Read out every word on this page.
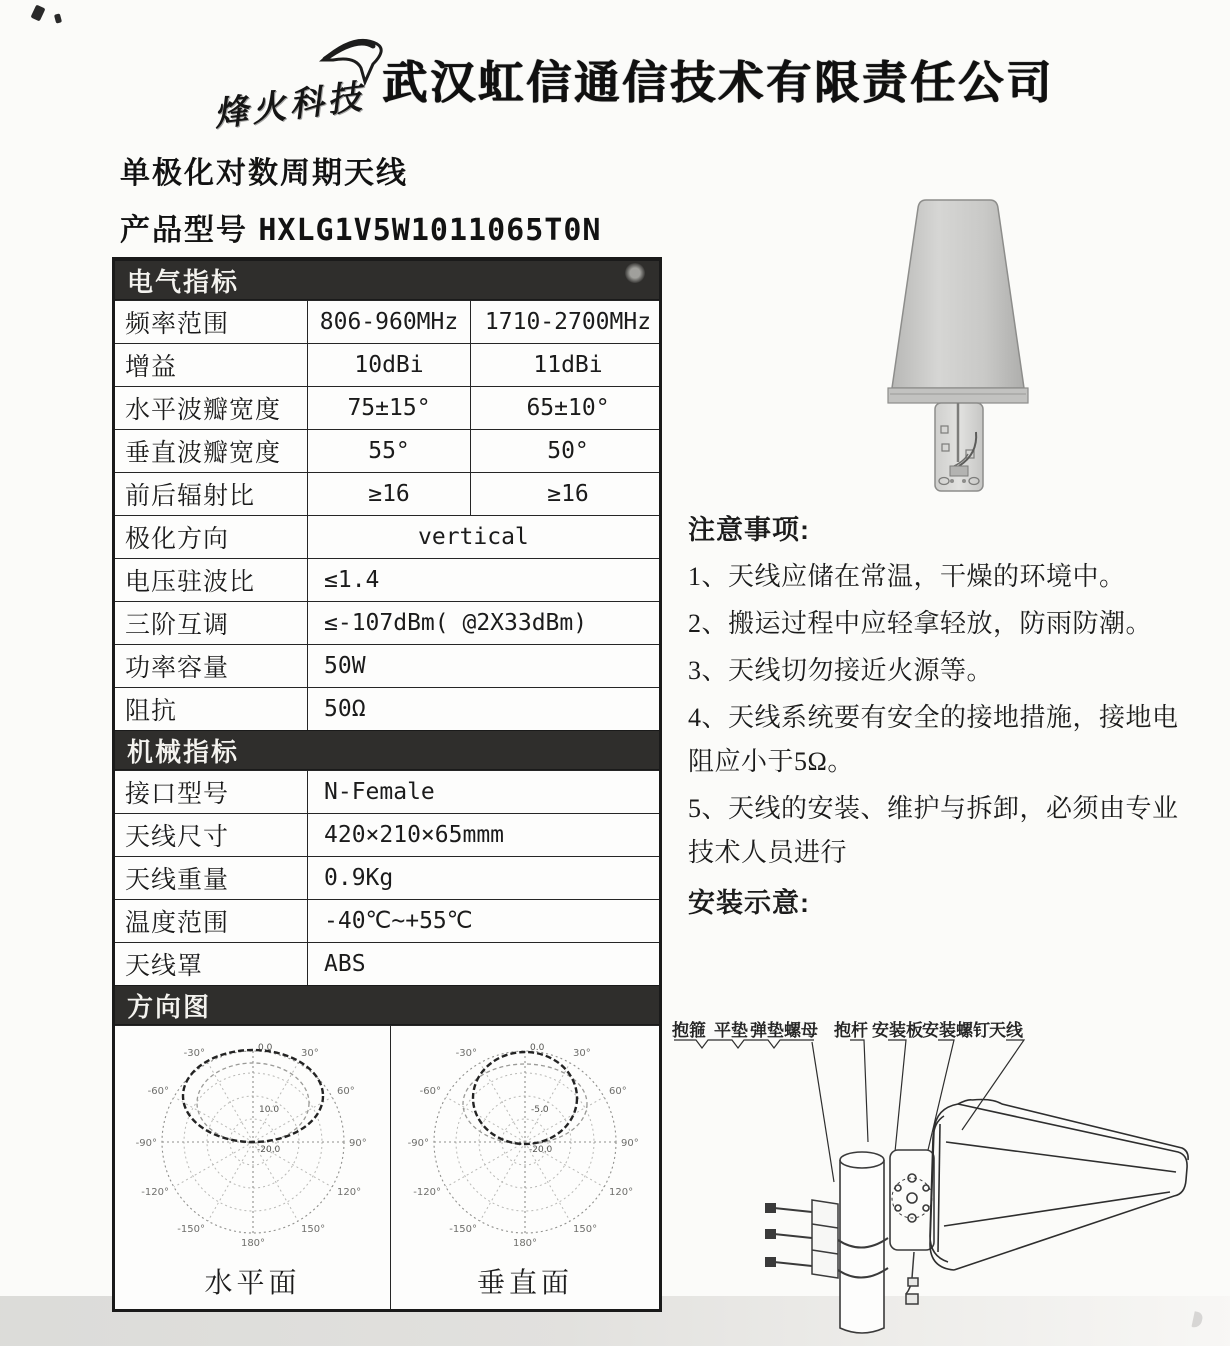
烽火科技 武汉虹信通信技术有限责任公司
单极化对数周期天线
产品型号 HXLG1V5W1011065T0N
电气指标
频率范围	806-960MHz	1710-2700MHz
增益	10dBi	11dBi
水平波瓣宽度	75±15°	65±10°
垂直波瓣宽度	55°	50°
前后辐射比	≥16	≥16
极化方向	vertical
电压驻波比	≤1.4
三阶互调	≤-107dBm( @2X33dBm)
功率容量	50W
阻抗	50Ω
机械指标
接口型号	N-Female
天线尺寸	420×210×65mmm
天线重量	0.9Kg
温度范围	-40℃~+55℃
天线罩	ABS
方向图
-30°	30°
-60°	60°
-90°	90°
-120°	120°
-150°	150°
180°
0.0
10.0
-20.0
水平面
-30°	30°
-60°	60°
-90°	90°
-120°	120°
-150°	150°
180°
0.0
-5.0
-20.0
垂直面
注意事项:

1、天线应储在常温，干燥的环境中。

2、搬运过程中应轻拿轻放，防雨防潮。

3、天线切勿接近火源等。

4、天线系统要有安全的接地措施，接地电阻应小于5Ω。

5、天线的安装、维护与拆卸，必须由专业技术人员进行

安装示意:
抱箍 平垫 弹垫 螺母 抱杆 安装板 安装螺钉 天线
